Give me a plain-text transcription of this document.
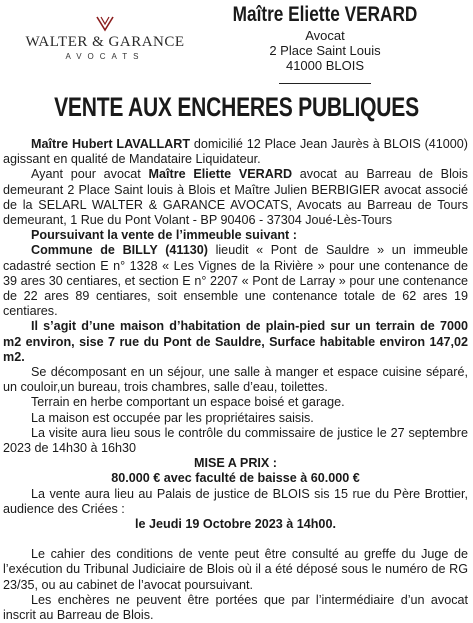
WALTER & GARANCE
AVOCATS
Maître Eliette VERARD
Avocat
2 Place Saint Louis
41000 BLOIS
VENTE AUX ENCHERES PUBLIQUES

Maître Hubert LAVALLART domicilié 12 Place Jean Jaurès à BLOIS (41000) agissant en qualité de Mandataire Liquidateur.

Ayant pour avocat Maître Eliette VERARD avocat au Barreau de Blois demeurant 2 Place Saint louis à Blois et Maître Julien BERBIGIER avocat associé de la SELARL WALTER & GARANCE AVOCATS, Avocats au Barreau de Tours demeurant, 1 Rue du Pont Volant - BP 90406 - 37304 Joué-Lès-Tours

Poursuivant la vente de l’immeuble suivant :

Commune de BILLY (41130) lieudit « Pont de Sauldre » un immeuble cadastré section E n° 1328 « Les Vignes de la Rivière » pour une contenance de 39 ares 30 centiares, et section E n° 2207 « Pont de Larray » pour une contenance de 22 ares 89 centiares, soit ensemble une contenance totale de 62 ares 19 centiares.

Il s’agit d’une maison d’habitation de plain-pied sur un terrain de 7000 m2 environ, sise 7 rue du Pont de Sauldre, Surface habitable environ 147,02 m2.

Se décomposant en un séjour, une salle à manger et espace cuisine séparé, un couloir,un bureau, trois chambres, salle d’eau, toilettes.

Terrain en herbe comportant un espace boisé et garage.

La maison est occupée par les propriétaires saisis.

La visite aura lieu sous le contrôle du commissaire de justice le 27 septembre 2023 de 14h30 à 16h30

MISE A PRIX :

80.000 € avec faculté de baisse à 60.000 €

La vente aura lieu au Palais de justice de BLOIS sis 15 rue du Père Brottier, audience des Criées :

le Jeudi 19 Octobre 2023 à 14h00.

Le cahier des conditions de vente peut être consulté au greffe du Juge de l’exécution du Tribunal Judiciaire de Blois où il a été déposé sous le numéro de RG 23/35, ou au cabinet de l’avocat poursuivant.

Les enchères ne peuvent être portées que par l’intermédiaire d’un avocat inscrit au Barreau de Blois.
